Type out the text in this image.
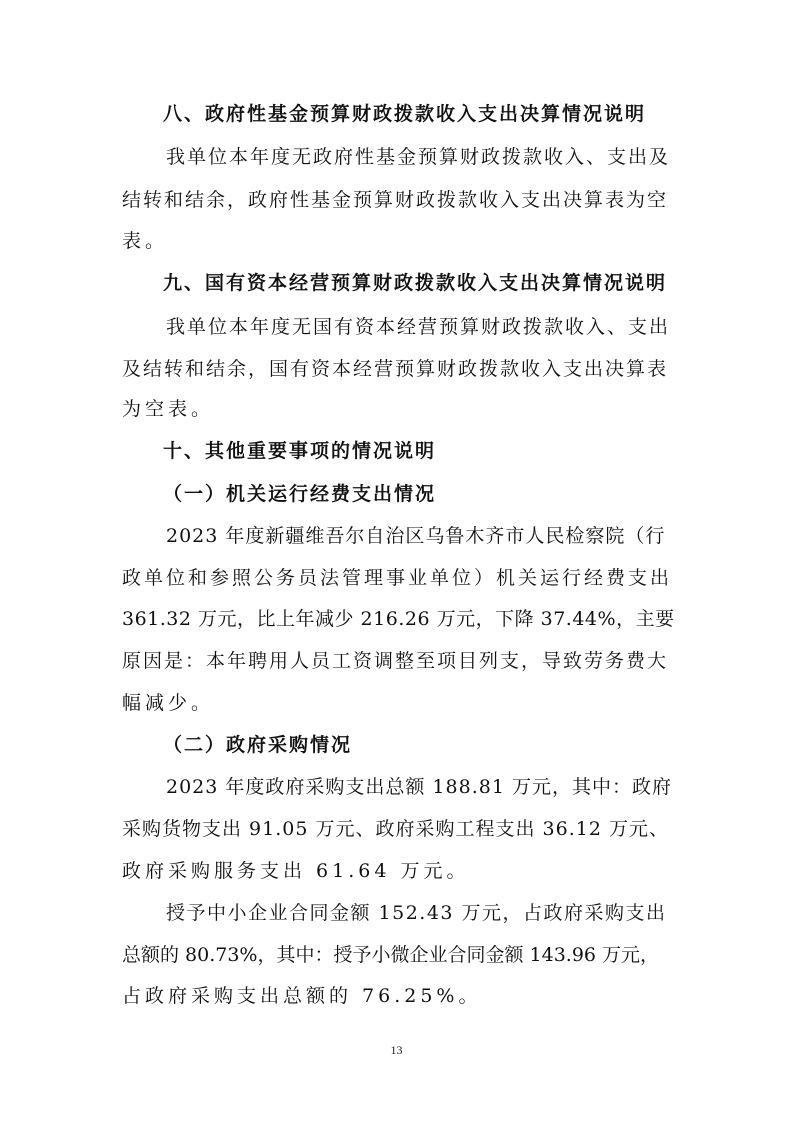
八、政府性基金预算财政拨款收入支出决算情况说明
我单位本年度无政府性基金预算财政拨款收入、支出及
结转和结余，政府性基金预算财政拨款收入支出决算表为空
表。
九、国有资本经营预算财政拨款收入支出决算情况说明
我单位本年度无国有资本经营预算财政拨款收入、支出
及结转和结余，国有资本经营预算财政拨款收入支出决算表
为空表。
十、其他重要事项的情况说明
（一）机关运行经费支出情况
2023 年度新疆维吾尔自治区乌鲁木齐市人民检察院（行
政单位和参照公务员法管理事业单位）机关运行经费支出
361.32 万元，比上年减少 216.26 万元，下降 37.44%，主要
原因是：本年聘用人员工资调整至项目列支，导致劳务费大
幅减少。
（二）政府采购情况
2023 年度政府采购支出总额 188.81 万元，其中：政府
采购货物支出 91.05 万元、政府采购工程支出 36.12 万元、
政府采购服务支出 61.64 万元。
授予中小企业合同金额 152.43 万元，占政府采购支出
总额的 80.73%，其中：授予小微企业合同金额 143.96 万元，
占政府采购支出总额的 76.25%。
13
